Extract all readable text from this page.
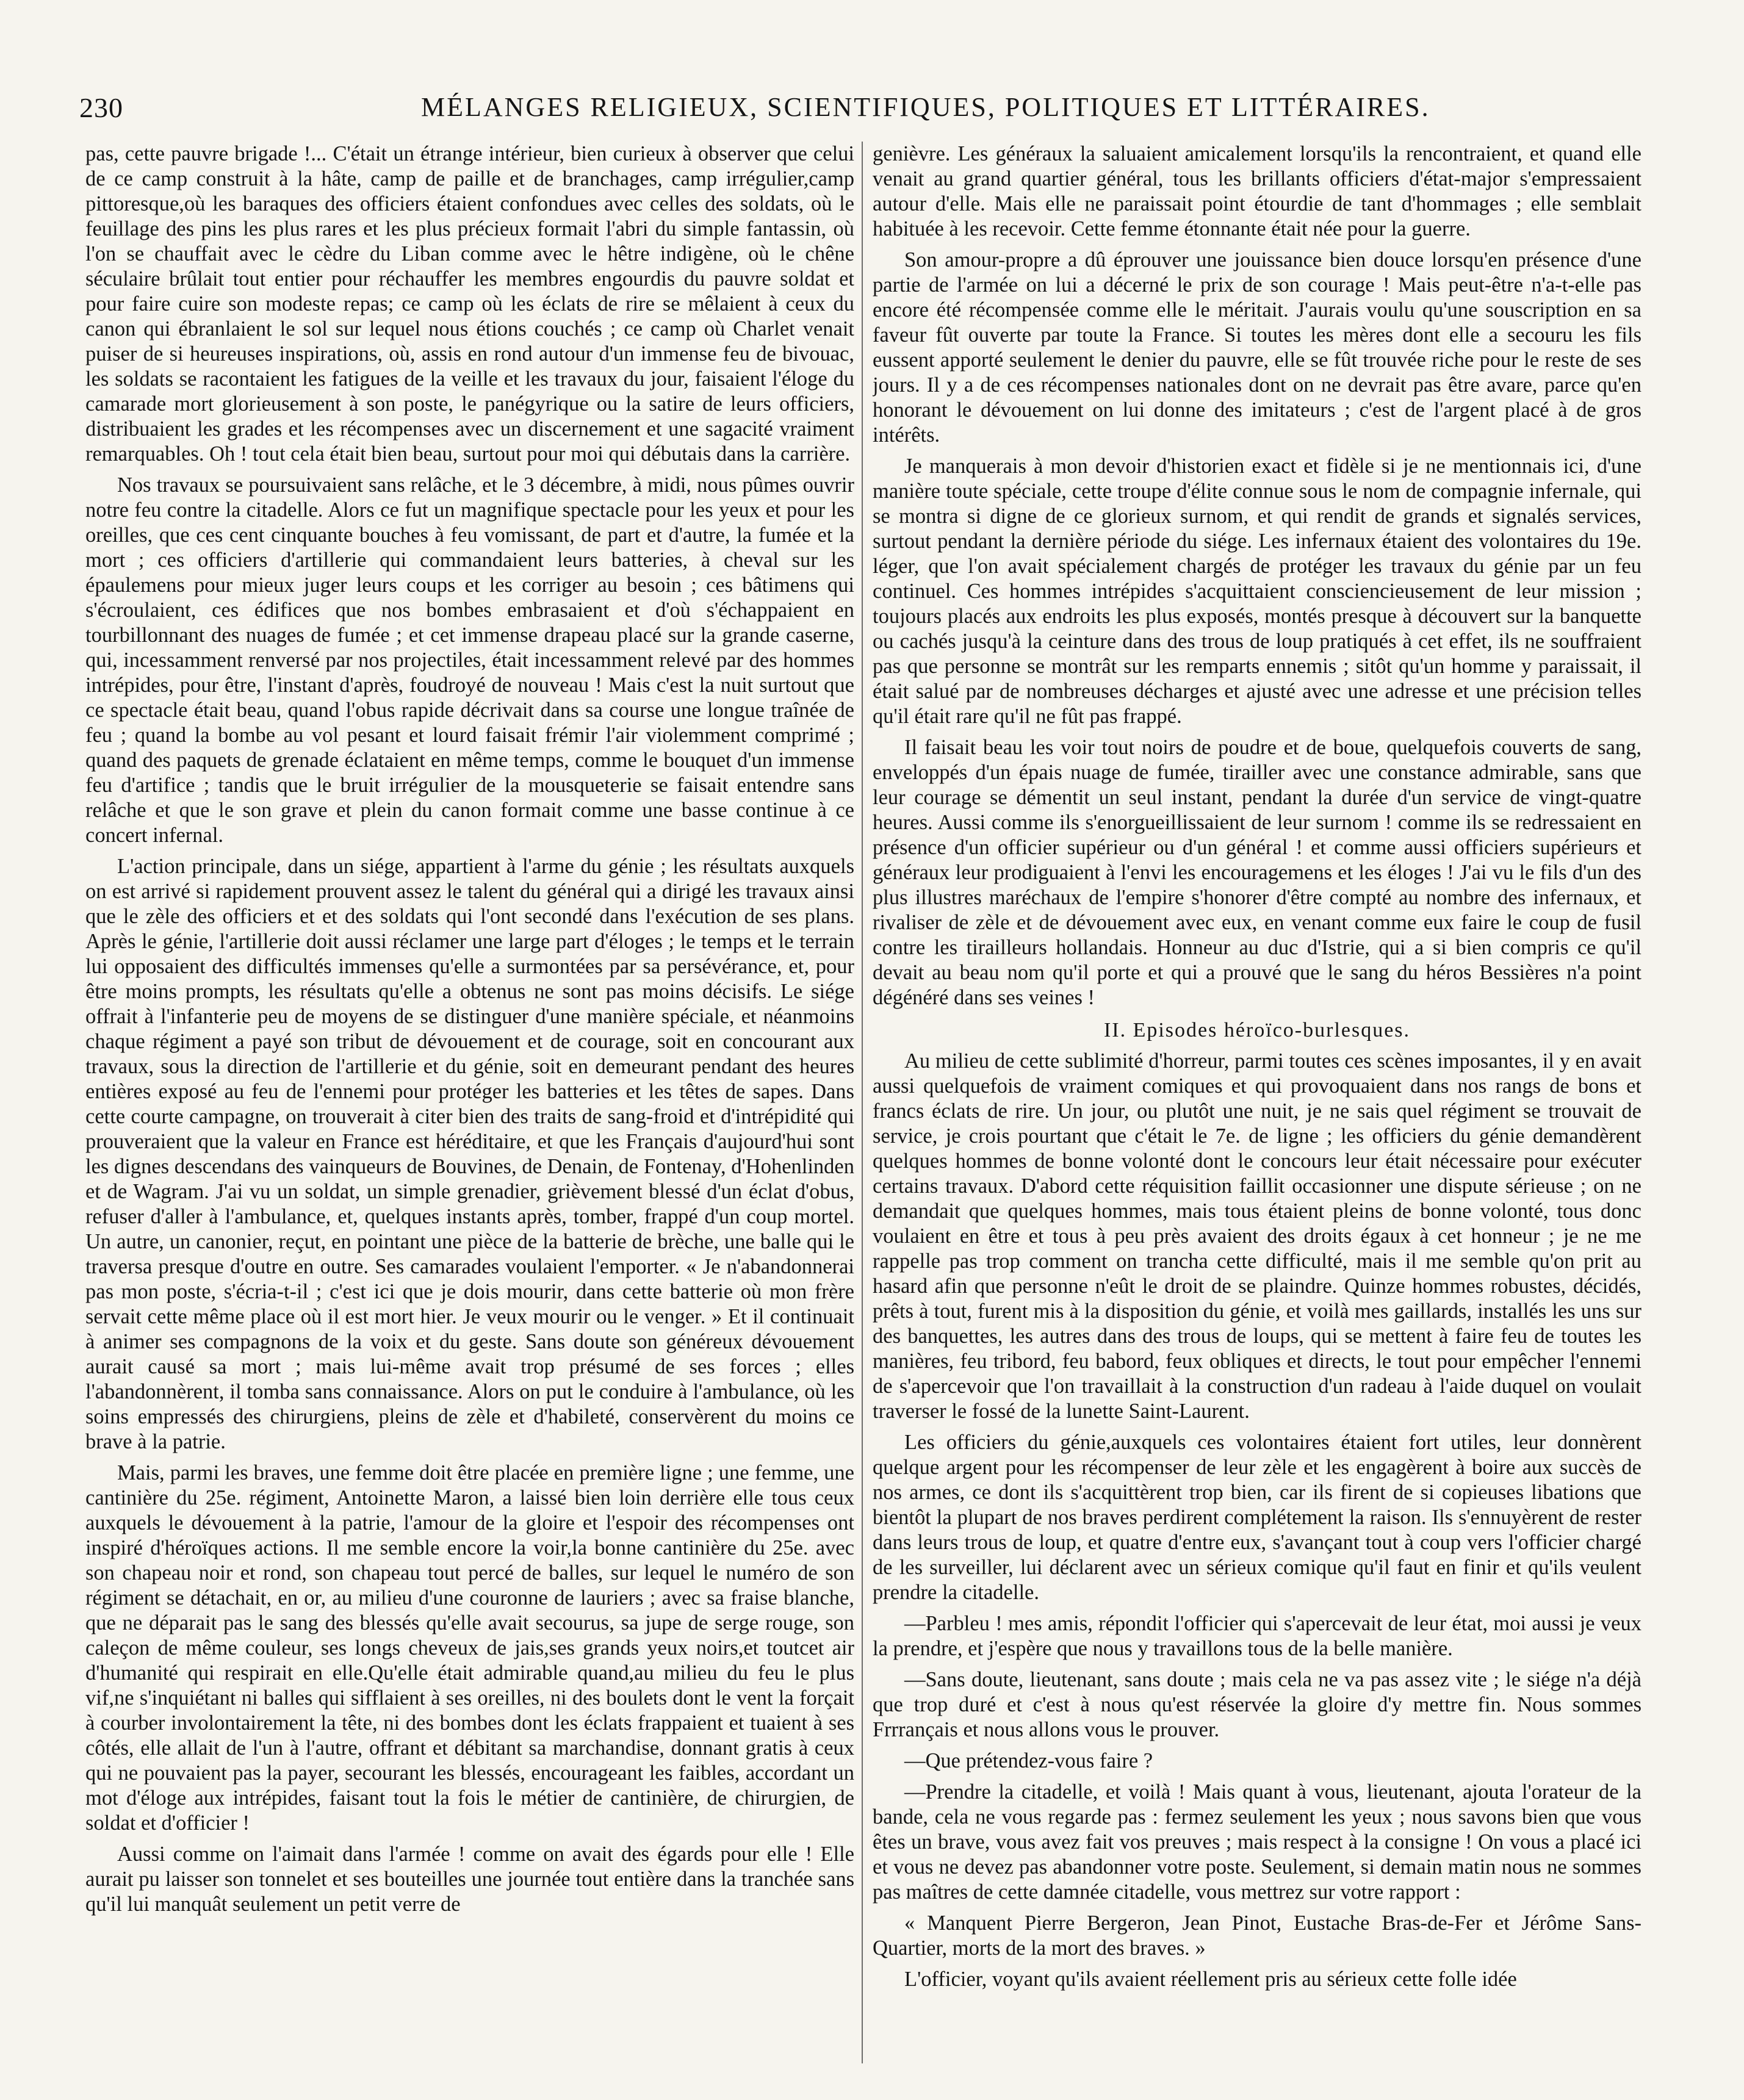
230	MÉLANGES RELIGIEUX, SCIENTIFIQUES, POLITIQUES ET LITTÉRAIRES.

pas, cette pauvre brigade !... C'était un étrange intérieur, bien curieux à observer que celui de ce camp construit à la hâte, camp de paille et de branchages, camp irrégulier,camp pittoresque,où les baraques des officiers étaient confondues avec celles des soldats, où le feuillage des pins les plus rares et les plus précieux formait l'abri du simple fantassin, où l'on se chauffait avec le cèdre du Liban comme avec le hêtre indigène, où le chêne séculaire brûlait tout entier pour réchauffer les membres engourdis du pauvre soldat et pour faire cuire son modeste repas; ce camp où les éclats de rire se mêlaient à ceux du canon qui ébranlaient le sol sur lequel nous étions couchés ; ce camp où Charlet venait puiser de si heureuses inspirations, où, assis en rond autour d'un immense feu de bivouac, les soldats se racontaient les fatigues de la veille et les travaux du jour, faisaient l'éloge du camarade mort glorieusement à son poste, le panégyrique ou la satire de leurs officiers, distribuaient les grades et les récompenses avec un discernement et une sagacité vraiment remarquables. Oh ! tout cela était bien beau, surtout pour moi qui débutais dans la carrière.

Nos travaux se poursuivaient sans relâche, et le 3 décembre, à midi, nous pûmes ouvrir notre feu contre la citadelle. Alors ce fut un magnifique spectacle pour les yeux et pour les oreilles, que ces cent cinquante bouches à feu vomissant, de part et d'autre, la fumée et la mort ; ces officiers d'artillerie qui commandaient leurs batteries, à cheval sur les épaulemens pour mieux juger leurs coups et les corriger au besoin ; ces bâtimens qui s'écroulaient, ces édifices que nos bombes embrasaient et d'où s'échappaient en tourbillonnant des nuages de fumée ; et cet immense drapeau placé sur la grande caserne, qui, incessamment renversé par nos projectiles, était incessamment relevé par des hommes intrépides, pour être, l'instant d'après, foudroyé de nouveau ! Mais c'est la nuit surtout que ce spectacle était beau, quand l'obus rapide décrivait dans sa course une longue traînée de feu ; quand la bombe au vol pesant et lourd faisait frémir l'air violemment comprimé ; quand des paquets de grenade éclataient en même temps, comme le bouquet d'un immense feu d'artifice ; tandis que le bruit irrégulier de la mousqueterie se faisait entendre sans relâche et que le son grave et plein du canon formait comme une basse continue à ce concert infernal.

L'action principale, dans un siége, appartient à l'arme du génie ; les résultats auxquels on est arrivé si rapidement prouvent assez le talent du général qui a dirigé les travaux ainsi que le zèle des officiers et et des soldats qui l'ont secondé dans l'exécution de ses plans. Après le génie, l'artillerie doit aussi réclamer une large part d'éloges ; le temps et le terrain lui opposaient des difficultés immenses qu'elle a surmontées par sa persévérance, et, pour être moins prompts, les résultats qu'elle a obtenus ne sont pas moins décisifs. Le siége offrait à l'infanterie peu de moyens de se distinguer d'une manière spéciale, et néanmoins chaque régiment a payé son tribut de dévouement et de courage, soit en concourant aux travaux, sous la direction de l'artillerie et du génie, soit en demeurant pendant des heures entières exposé au feu de l'ennemi pour protéger les batteries et les têtes de sapes. Dans cette courte campagne, on trouverait à citer bien des traits de sang-froid et d'intrépidité qui prouveraient que la valeur en France est héréditaire, et que les Français d'aujourd'hui sont les dignes descendans des vainqueurs de Bouvines, de Denain, de Fontenay, d'Hohenlinden et de Wagram. J'ai vu un soldat, un simple grenadier, grièvement blessé d'un éclat d'obus, refuser d'aller à l'ambulance, et, quelques instants après, tomber, frappé d'un coup mortel. Un autre, un canonier, reçut, en pointant une pièce de la batterie de brèche, une balle qui le traversa presque d'outre en outre. Ses camarades voulaient l'emporter. « Je n'abandonnerai pas mon poste, s'écria-t-il ; c'est ici que je dois mourir, dans cette batterie où mon frère servait cette même place où il est mort hier. Je veux mourir ou le venger. » Et il continuait à animer ses compagnons de la voix et du geste. Sans doute son généreux dévouement aurait causé sa mort ; mais lui-même avait trop présumé de ses forces ; elles l'abandonnèrent, il tomba sans connaissance. Alors on put le conduire à l'ambulance, où les soins empressés des chirurgiens, pleins de zèle et d'habileté, conservèrent du moins ce brave à la patrie.

Mais, parmi les braves, une femme doit être placée en première ligne ; une femme, une cantinière du 25e. régiment, Antoinette Maron, a laissé bien loin derrière elle tous ceux auxquels le dévouement à la patrie, l'amour de la gloire et l'espoir des récompenses ont inspiré d'héroïques actions. Il me semble encore la voir,la bonne cantinière du 25e. avec son chapeau noir et rond, son chapeau tout percé de balles, sur lequel le numéro de son régiment se détachait, en or, au milieu d'une couronne de lauriers ; avec sa fraise blanche, que ne déparait pas le sang des blessés qu'elle avait secourus, sa jupe de serge rouge, son caleçon de même couleur, ses longs cheveux de jais,ses grands yeux noirs,et toutcet air d'humanité qui respirait en elle.Qu'elle était admirable quand,au milieu du feu le plus vif,ne s'inquiétant ni balles qui sifflaient à ses oreilles, ni des boulets dont le vent la forçait à courber involontairement la tête, ni des bombes dont les éclats frappaient et tuaient à ses côtés, elle allait de l'un à l'autre, offrant et débitant sa marchandise, donnant gratis à ceux qui ne pouvaient pas la payer, secourant les blessés, encourageant les faibles, accordant un mot d'éloge aux intrépides, faisant tout la fois le métier de cantinière, de chirurgien, de soldat et d'officier !

Aussi comme on l'aimait dans l'armée ! comme on avait des égards pour elle ! Elle aurait pu laisser son tonnelet et ses bouteilles une journée tout entière dans la tranchée sans qu'il lui manquât seulement un petit verre de

genièvre. Les généraux la saluaient amicalement lorsqu'ils la rencontraient, et quand elle venait au grand quartier général, tous les brillants officiers d'état-major s'empressaient autour d'elle. Mais elle ne paraissait point étourdie de tant d'hommages ; elle semblait habituée à les recevoir. Cette femme étonnante était née pour la guerre.

Son amour-propre a dû éprouver une jouissance bien douce lorsqu'en présence d'une partie de l'armée on lui a décerné le prix de son courage ! Mais peut-être n'a-t-elle pas encore été récompensée comme elle le méritait. J'aurais voulu qu'une souscription en sa faveur fût ouverte par toute la France. Si toutes les mères dont elle a secouru les fils eussent apporté seulement le denier du pauvre, elle se fût trouvée riche pour le reste de ses jours. Il y a de ces récompenses nationales dont on ne devrait pas être avare, parce qu'en honorant le dévouement on lui donne des imitateurs ; c'est de l'argent placé à de gros intérêts.

Je manquerais à mon devoir d'historien exact et fidèle si je ne mentionnais ici, d'une manière toute spéciale, cette troupe d'élite connue sous le nom de compagnie infernale, qui se montra si digne de ce glorieux surnom, et qui rendit de grands et signalés services, surtout pendant la dernière période du siége. Les infernaux étaient des volontaires du 19e. léger, que l'on avait spécialement chargés de protéger les travaux du génie par un feu continuel. Ces hommes intrépides s'acquittaient consciencieusement de leur mission ; toujours placés aux endroits les plus exposés, montés presque à découvert sur la banquette ou cachés jusqu'à la ceinture dans des trous de loup pratiqués à cet effet, ils ne souffraient pas que personne se montrât sur les remparts ennemis ; sitôt qu'un homme y paraissait, il était salué par de nombreuses décharges et ajusté avec une adresse et une précision telles qu'il était rare qu'il ne fût pas frappé.

Il faisait beau les voir tout noirs de poudre et de boue, quelquefois couverts de sang, enveloppés d'un épais nuage de fumée, tirailler avec une constance admirable, sans que leur courage se démentit un seul instant, pendant la durée d'un service de vingt-quatre heures. Aussi comme ils s'enorgueillissaient de leur surnom ! comme ils se redressaient en présence d'un officier supérieur ou d'un général ! et comme aussi officiers supérieurs et généraux leur prodiguaient à l'envi les encouragemens et les éloges ! J'ai vu le fils d'un des plus illustres maréchaux de l'empire s'honorer d'être compté au nombre des infernaux, et rivaliser de zèle et de dévouement avec eux, en venant comme eux faire le coup de fusil contre les tirailleurs hollandais. Honneur au duc d'Istrie, qui a si bien compris ce qu'il devait au beau nom qu'il porte et qui a prouvé que le sang du héros Bessières n'a point dégénéré dans ses veines !

II. Episodes héroïco-burlesques.

Au milieu de cette sublimité d'horreur, parmi toutes ces scènes imposantes, il y en avait aussi quelquefois de vraiment comiques et qui provoquaient dans nos rangs de bons et francs éclats de rire. Un jour, ou plutôt une nuit, je ne sais quel régiment se trouvait de service, je crois pourtant que c'était le 7e. de ligne ; les officiers du génie demandèrent quelques hommes de bonne volonté dont le concours leur était nécessaire pour exécuter certains travaux. D'abord cette réquisition faillit occasionner une dispute sérieuse ; on ne demandait que quelques hommes, mais tous étaient pleins de bonne volonté, tous donc voulaient en être et tous à peu près avaient des droits égaux à cet honneur ; je ne me rappelle pas trop comment on trancha cette difficulté, mais il me semble qu'on prit au hasard afin que personne n'eût le droit de se plaindre. Quinze hommes robustes, décidés, prêts à tout, furent mis à la disposition du génie, et voilà mes gaillards, installés les uns sur des banquettes, les autres dans des trous de loups, qui se mettent à faire feu de toutes les manières, feu tribord, feu babord, feux obliques et directs, le tout pour empêcher l'ennemi de s'apercevoir que l'on travaillait à la construction d'un radeau à l'aide duquel on voulait traverser le fossé de la lunette Saint-Laurent.

Les officiers du génie,auxquels ces volontaires étaient fort utiles, leur donnèrent quelque argent pour les récompenser de leur zèle et les engagèrent à boire aux succès de nos armes, ce dont ils s'acquittèrent trop bien, car ils firent de si copieuses libations que bientôt la plupart de nos braves perdirent complétement la raison. Ils s'ennuyèrent de rester dans leurs trous de loup, et quatre d'entre eux, s'avançant tout à coup vers l'officier chargé de les surveiller, lui déclarent avec un sérieux comique qu'il faut en finir et qu'ils veulent prendre la citadelle.

—Parbleu ! mes amis, répondit l'officier qui s'apercevait de leur état, moi aussi je veux la prendre, et j'espère que nous y travaillons tous de la belle manière.

—Sans doute, lieutenant, sans doute ; mais cela ne va pas assez vite ; le siége n'a déjà que trop duré et c'est à nous qu'est réservée la gloire d'y mettre fin. Nous sommes Frrrançais et nous allons vous le prouver.

—Que prétendez-vous faire ?

—Prendre la citadelle, et voilà ! Mais quant à vous, lieutenant, ajouta l'orateur de la bande, cela ne vous regarde pas : fermez seulement les yeux ; nous savons bien que vous êtes un brave, vous avez fait vos preuves ; mais respect à la consigne ! On vous a placé ici et vous ne devez pas abandonner votre poste. Seulement, si demain matin nous ne sommes pas maîtres de cette damnée citadelle, vous mettrez sur votre rapport :

« Manquent Pierre Bergeron, Jean Pinot, Eustache Bras-de-Fer et Jérôme Sans-Quartier, morts de la mort des braves. »

L'officier, voyant qu'ils avaient réellement pris au sérieux cette folle idée
